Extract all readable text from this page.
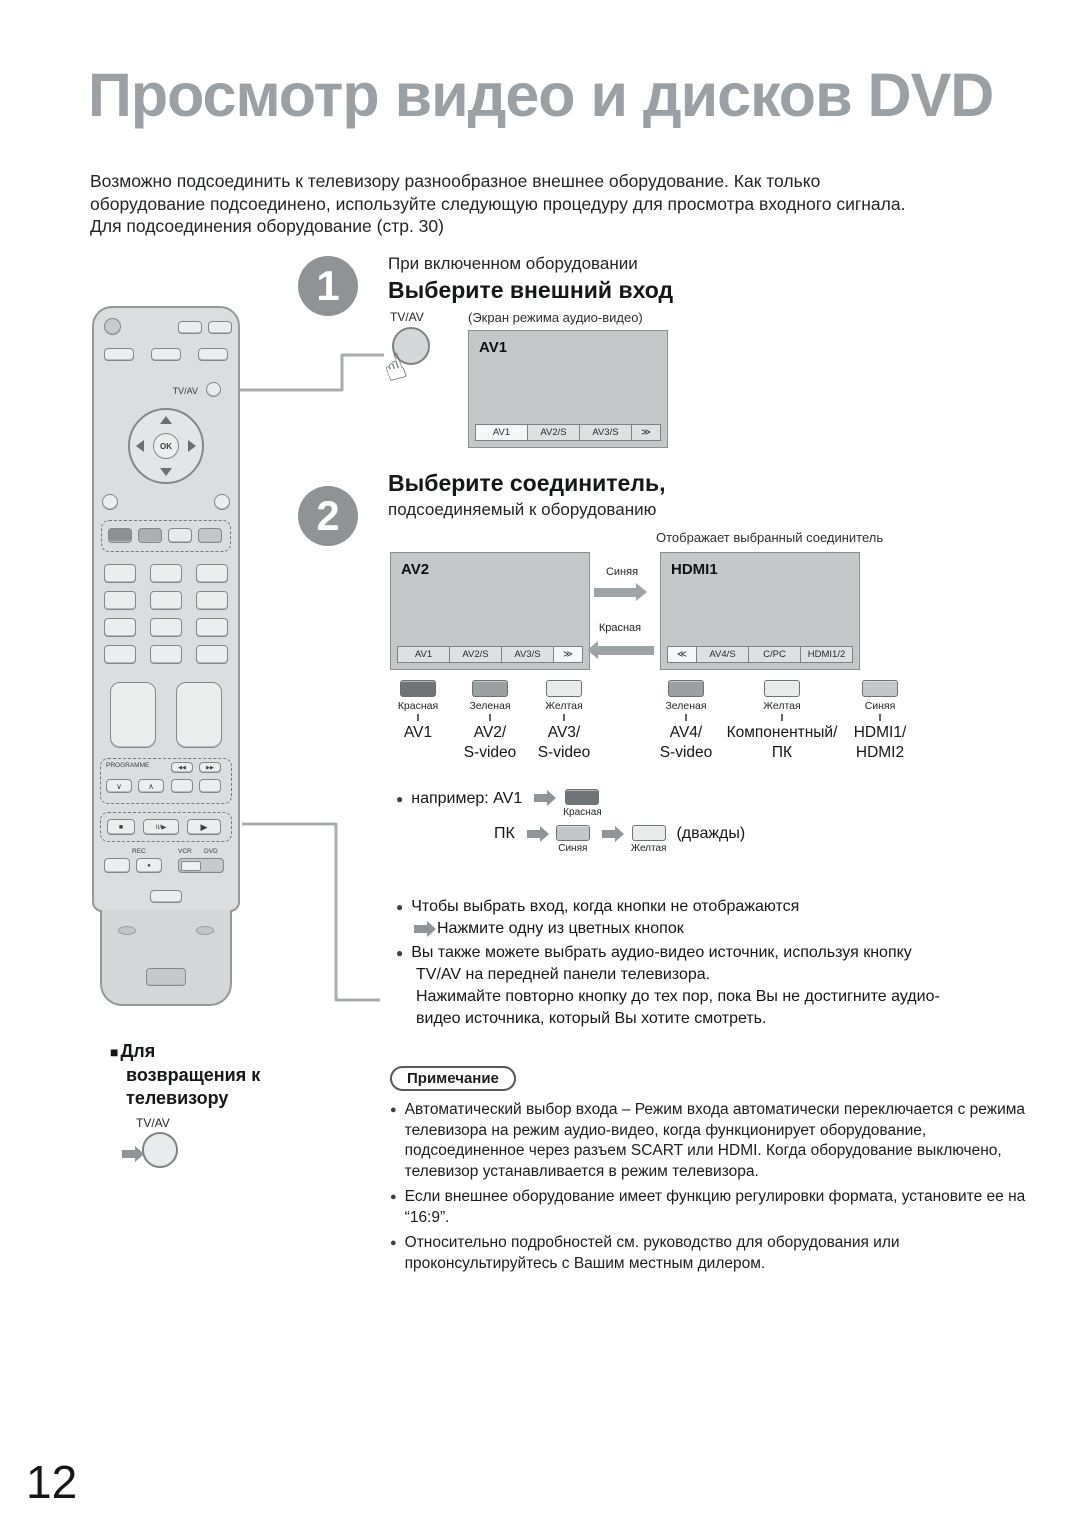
Просмотр видео и дисков DVD
Возможно подсоединить к телевизору разнообразное внешнее оборудование. Как только
оборудование подсоединено, используйте следующую процедуру для просмотра входного сигнала.
Для подсоединения оборудование (стр. 30)
TV/AV
OK
PROGRAMME	◀◀	▶▶
∨	∧
■	II/▶	▶
REC	VCR DVD
●
1	При включенном оборудовании
Выберите внешний вход
TV/AV
☝
(Экран режима аудио-видео)
AV1
AV1	AV2/S	AV3/S	≫
2
Выберите соединитель,
подсоединяемый к оборудованию
Отображает выбранный соединитель
AV2
AV1	AV2/S	AV3/S	≫
Синяя
Красная
HDMI1
≪	AV4/S	C/PC	HDMI1/2
Красная
AV1
Зеленая
AV2/
S-video
Желтая
AV3/
S-video
Зеленая
AV4/
S-video
Желтая
Компонентный/
ПК
Синяя
HDMI1/
HDMI2
● например: AV1
Красная
ПК
Синяя	Желтая
(дважды)
● Чтобы выбрать вход, когда кнопки не отображаются
Нажмите одну из цветных кнопок
● Вы также можете выбрать аудио-видео источник, используя кнопку
TV/AV на передней панели телевизора.
Нажимайте повторно кнопку до тех пор, пока Вы не достигните аудио-
видео источника, который Вы хотите смотреть.
■ Для
возвращения к
телевизору
TV/AV
Примечание
● Автоматический выбор входа – Режим входа автоматически переключается с режима телевизора на режим аудио-видео, когда функционирует оборудование, подсоединенное через разъем SCART или HDMI. Когда оборудование выключено, телевизор устанавливается в режим телевизора.
● Если внешнее оборудование имеет функцию регулировки формата, установите ее на “16:9”.
● Относительно подробностей см. руководство для оборудования или проконсультируйтесь с Вашим местным дилером.
12
